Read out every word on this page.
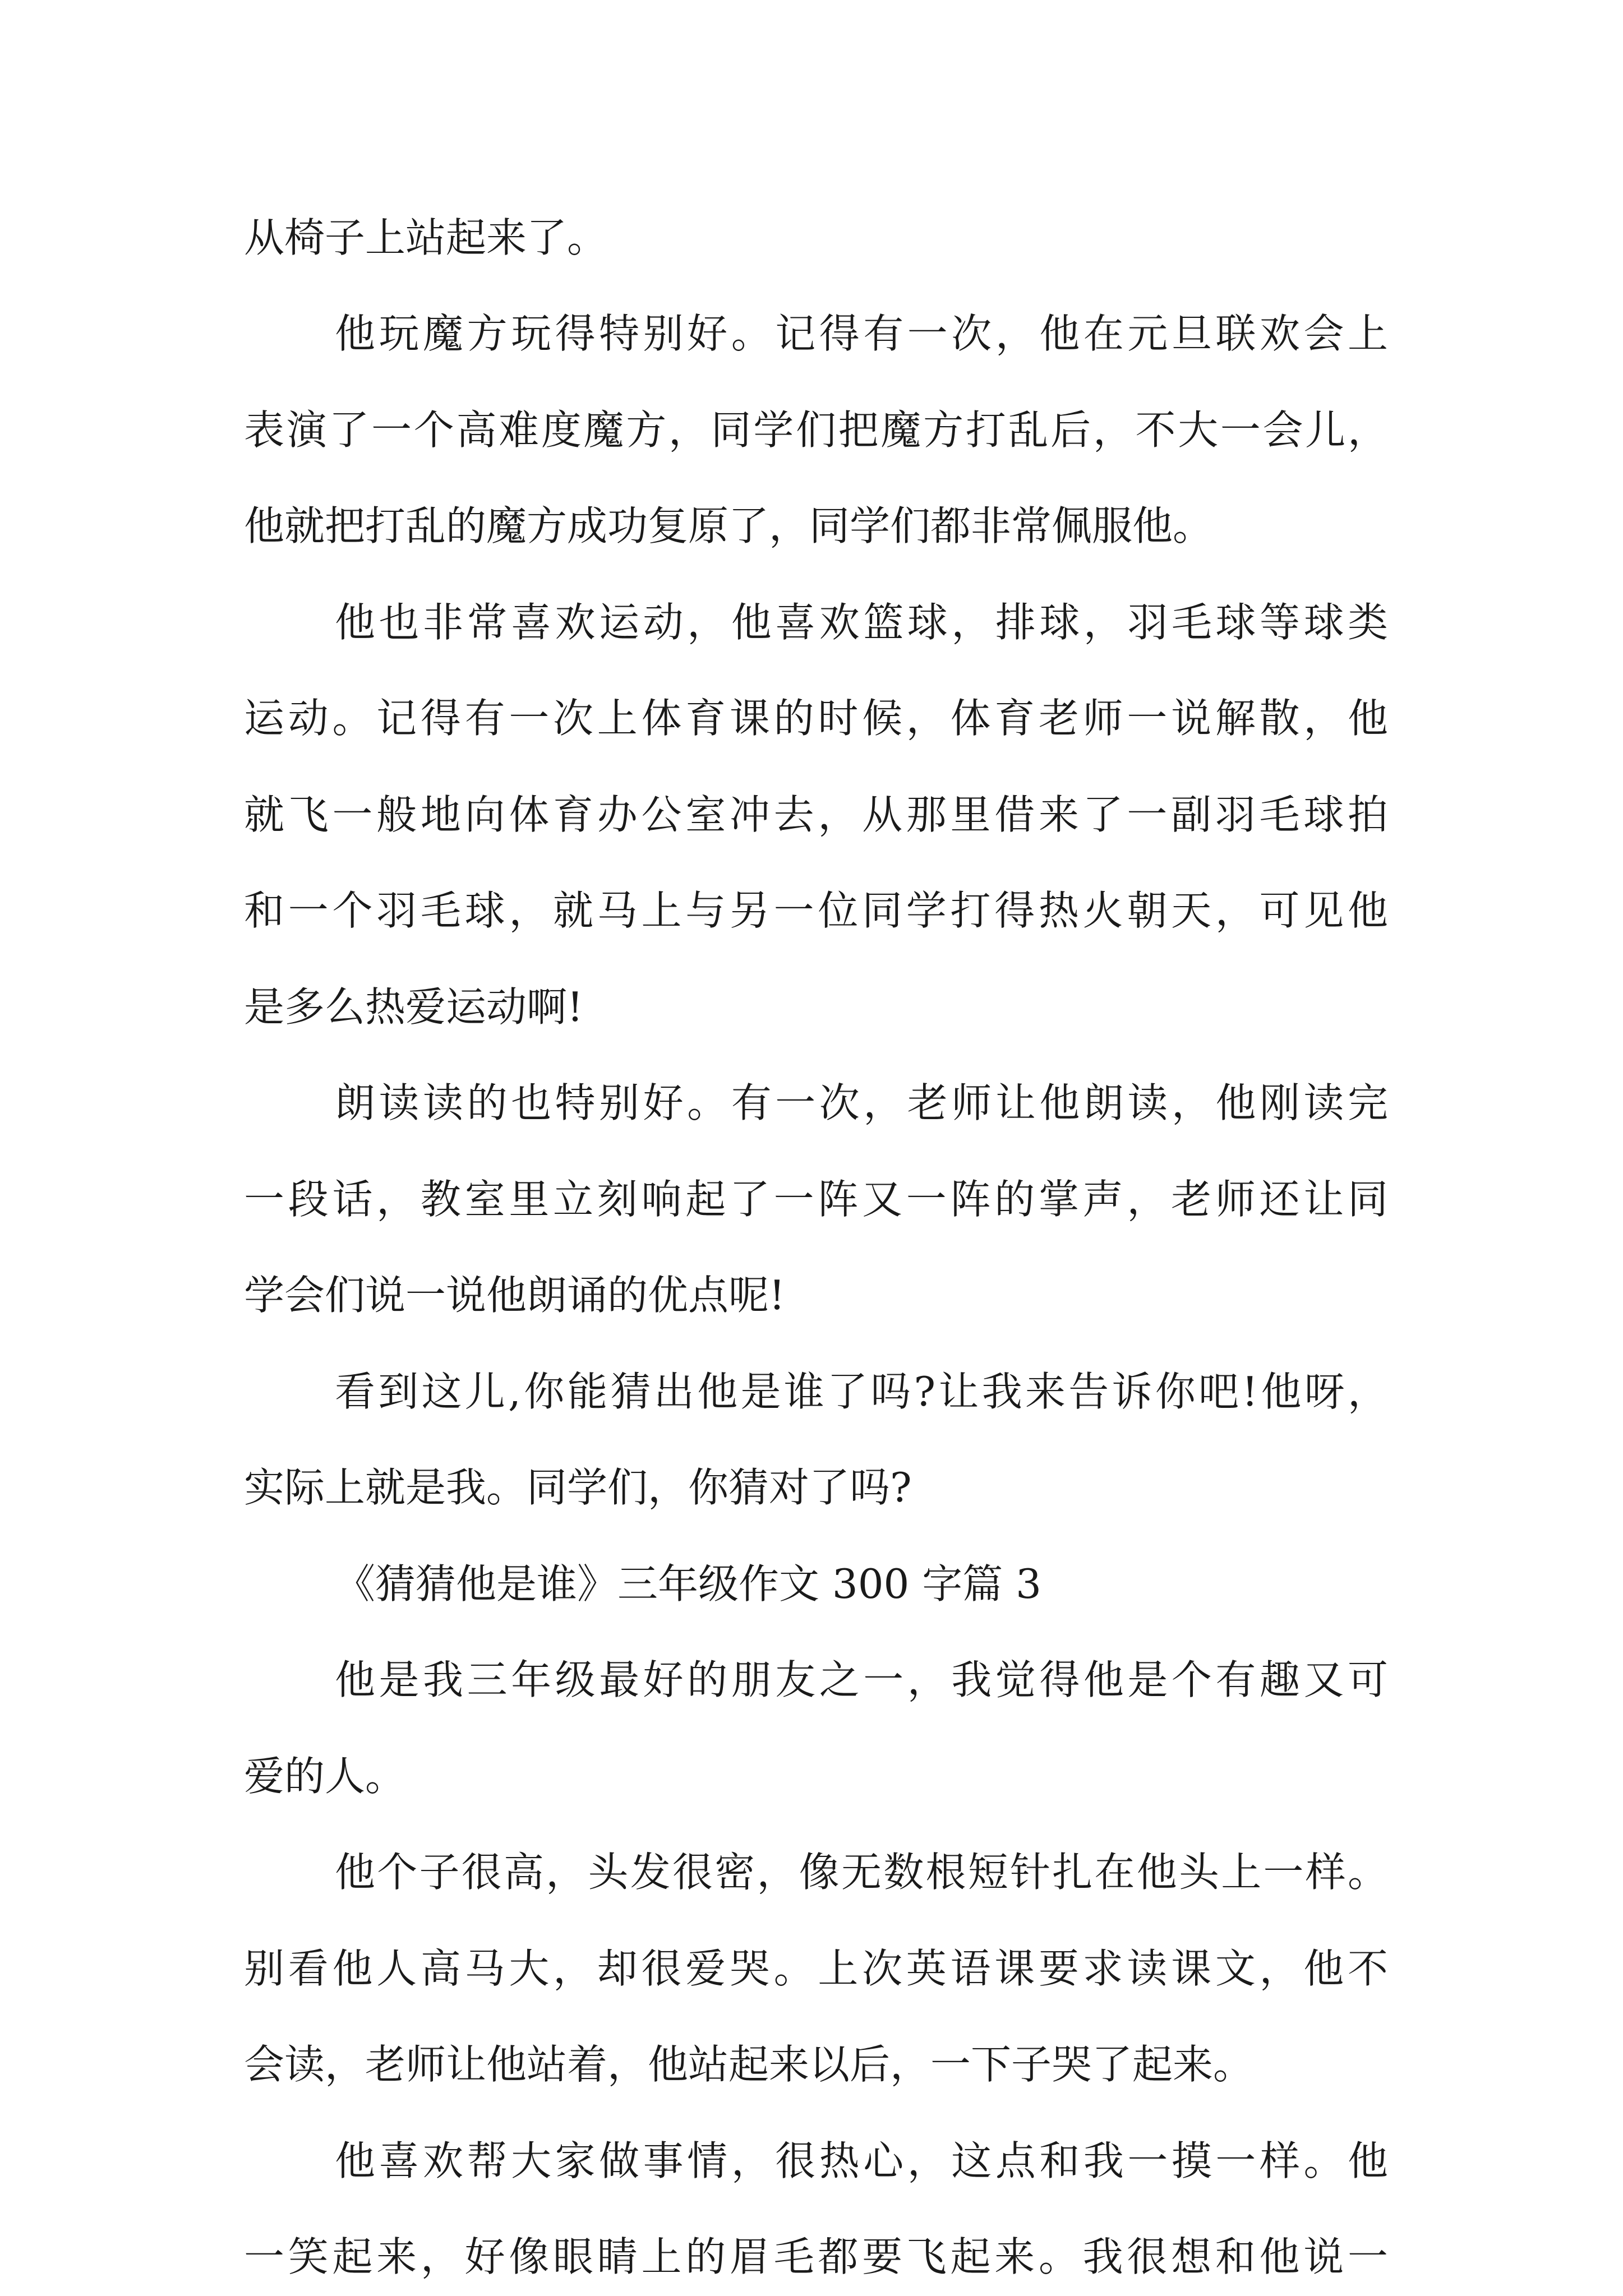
从椅子上站起来了。
他玩魔方玩得特别好。记得有一次，他在元旦联欢会上
表演了一个高难度魔方，同学们把魔方打乱后，不大一会儿，
他就把打乱的魔方成功复原了，同学们都非常佩服他。
他也非常喜欢运动，他喜欢篮球，排球，羽毛球等球类
运动。记得有一次上体育课的时候，体育老师一说解散，他
就飞一般地向体育办公室冲去，从那里借来了一副羽毛球拍
和一个羽毛球，就马上与另一位同学打得热火朝天，可见他
是多么热爱运动啊!
朗读读的也特别好。有一次，老师让他朗读，他刚读完
一段话，教室里立刻响起了一阵又一阵的掌声，老师还让同
学会们说一说他朗诵的优点呢!
看到这儿,你能猜出他是谁了吗?让我来告诉你吧!他呀，
实际上就是我。同学们，你猜对了吗?
《猜猜他是谁》三年级作文 300 字篇 3
他是我三年级最好的朋友之一，我觉得他是个有趣又可
爱的人。
他个子很高，头发很密，像无数根短针扎在他头上一样。
别看他人高马大，却很爱哭。上次英语课要求读课文，他不
会读，老师让他站着，他站起来以后，一下子哭了起来。
他喜欢帮大家做事情，很热心，这点和我一摸一样。他
一笑起来，好像眼睛上的眉毛都要飞起来。我很想和他说一
